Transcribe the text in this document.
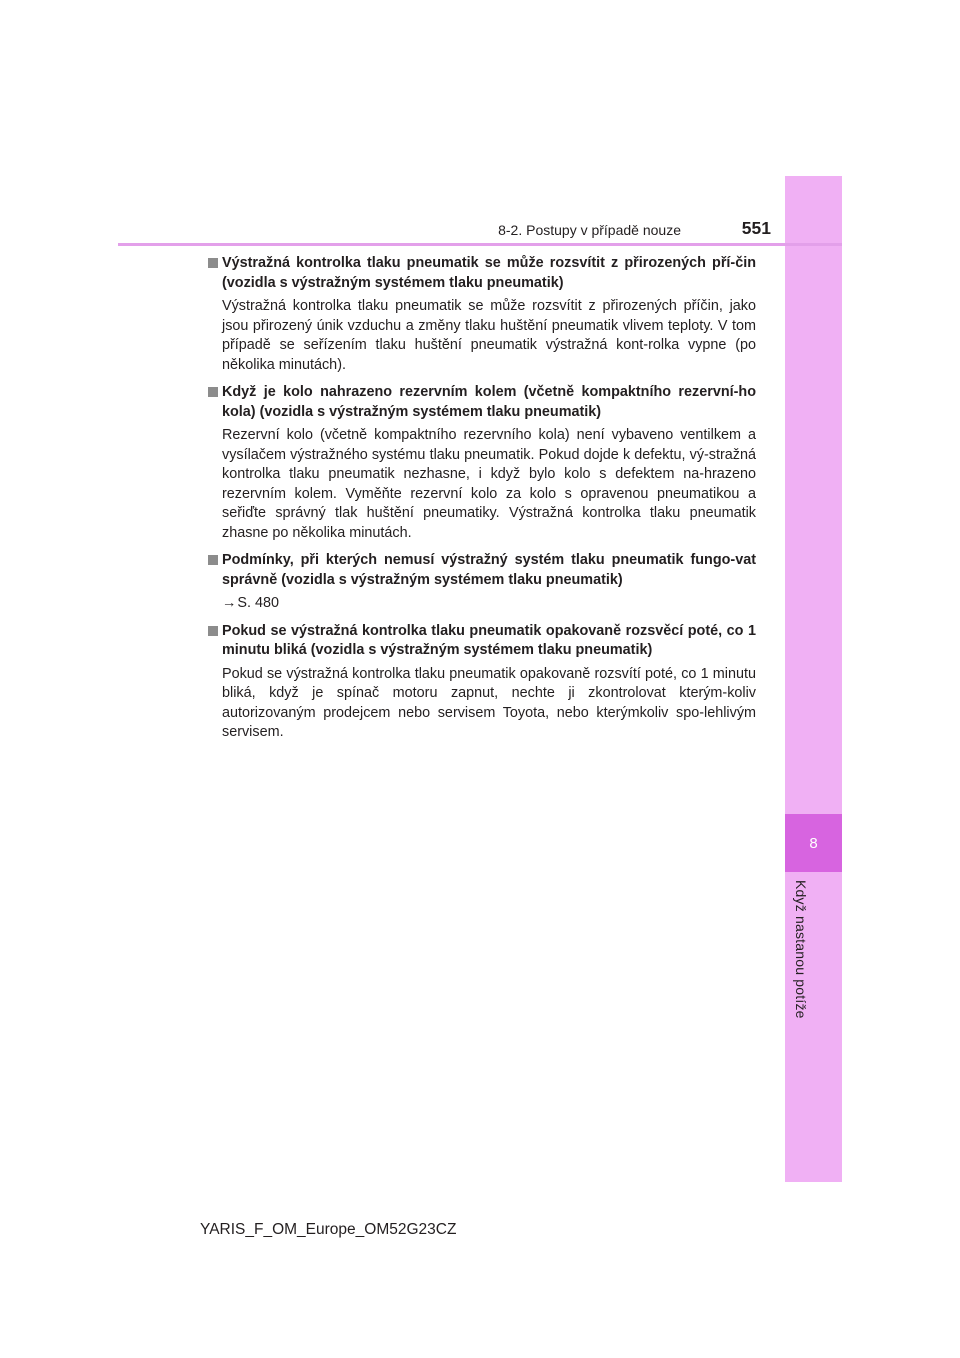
8
Když nastanou potíže
8-2. Postupy v případě nouze	551
Výstražná kontrolka tlaku pneumatik se může rozsvítit z přirozených pří-čin (vozidla s výstražným systémem tlaku pneumatik)
Výstražná kontrolka tlaku pneumatik se může rozsvítit z přirozených příčin, jako jsou přirozený únik vzduchu a změny tlaku huštění pneumatik vlivem teploty. V tom případě se seřízením tlaku huštění pneumatik výstražná kont-rolka vypne (po několika minutách).
Když je kolo nahrazeno rezervním kolem (včetně kompaktního rezervní-ho kola) (vozidla s výstražným systémem tlaku pneumatik)
Rezervní kolo (včetně kompaktního rezervního kola) není vybaveno ventilkem a vysílačem výstražného systému tlaku pneumatik. Pokud dojde k defektu, vý-stražná kontrolka tlaku pneumatik nezhasne, i když bylo kolo s defektem na-hrazeno rezervním kolem. Vyměňte rezervní kolo za kolo s opravenou pneumatikou a seřiďte správný tlak huštění pneumatiky. Výstražná kontrolka tlaku pneumatik zhasne po několika minutách.
Podmínky, při kterých nemusí výstražný systém tlaku pneumatik fungo-vat správně (vozidla s výstražným systémem tlaku pneumatik)
→S. 480
Pokud se výstražná kontrolka tlaku pneumatik opakovaně rozsvěcí poté, co 1 minutu bliká (vozidla s výstražným systémem tlaku pneumatik)
Pokud se výstražná kontrolka tlaku pneumatik opakovaně rozsvítí poté, co 1 minutu bliká, když je spínač motoru zapnut, nechte ji zkontrolovat kterým-koliv autorizovaným prodejcem nebo servisem Toyota, nebo kterýmkoliv spo-lehlivým servisem.
YARIS_F_OM_Europe_OM52G23CZ
